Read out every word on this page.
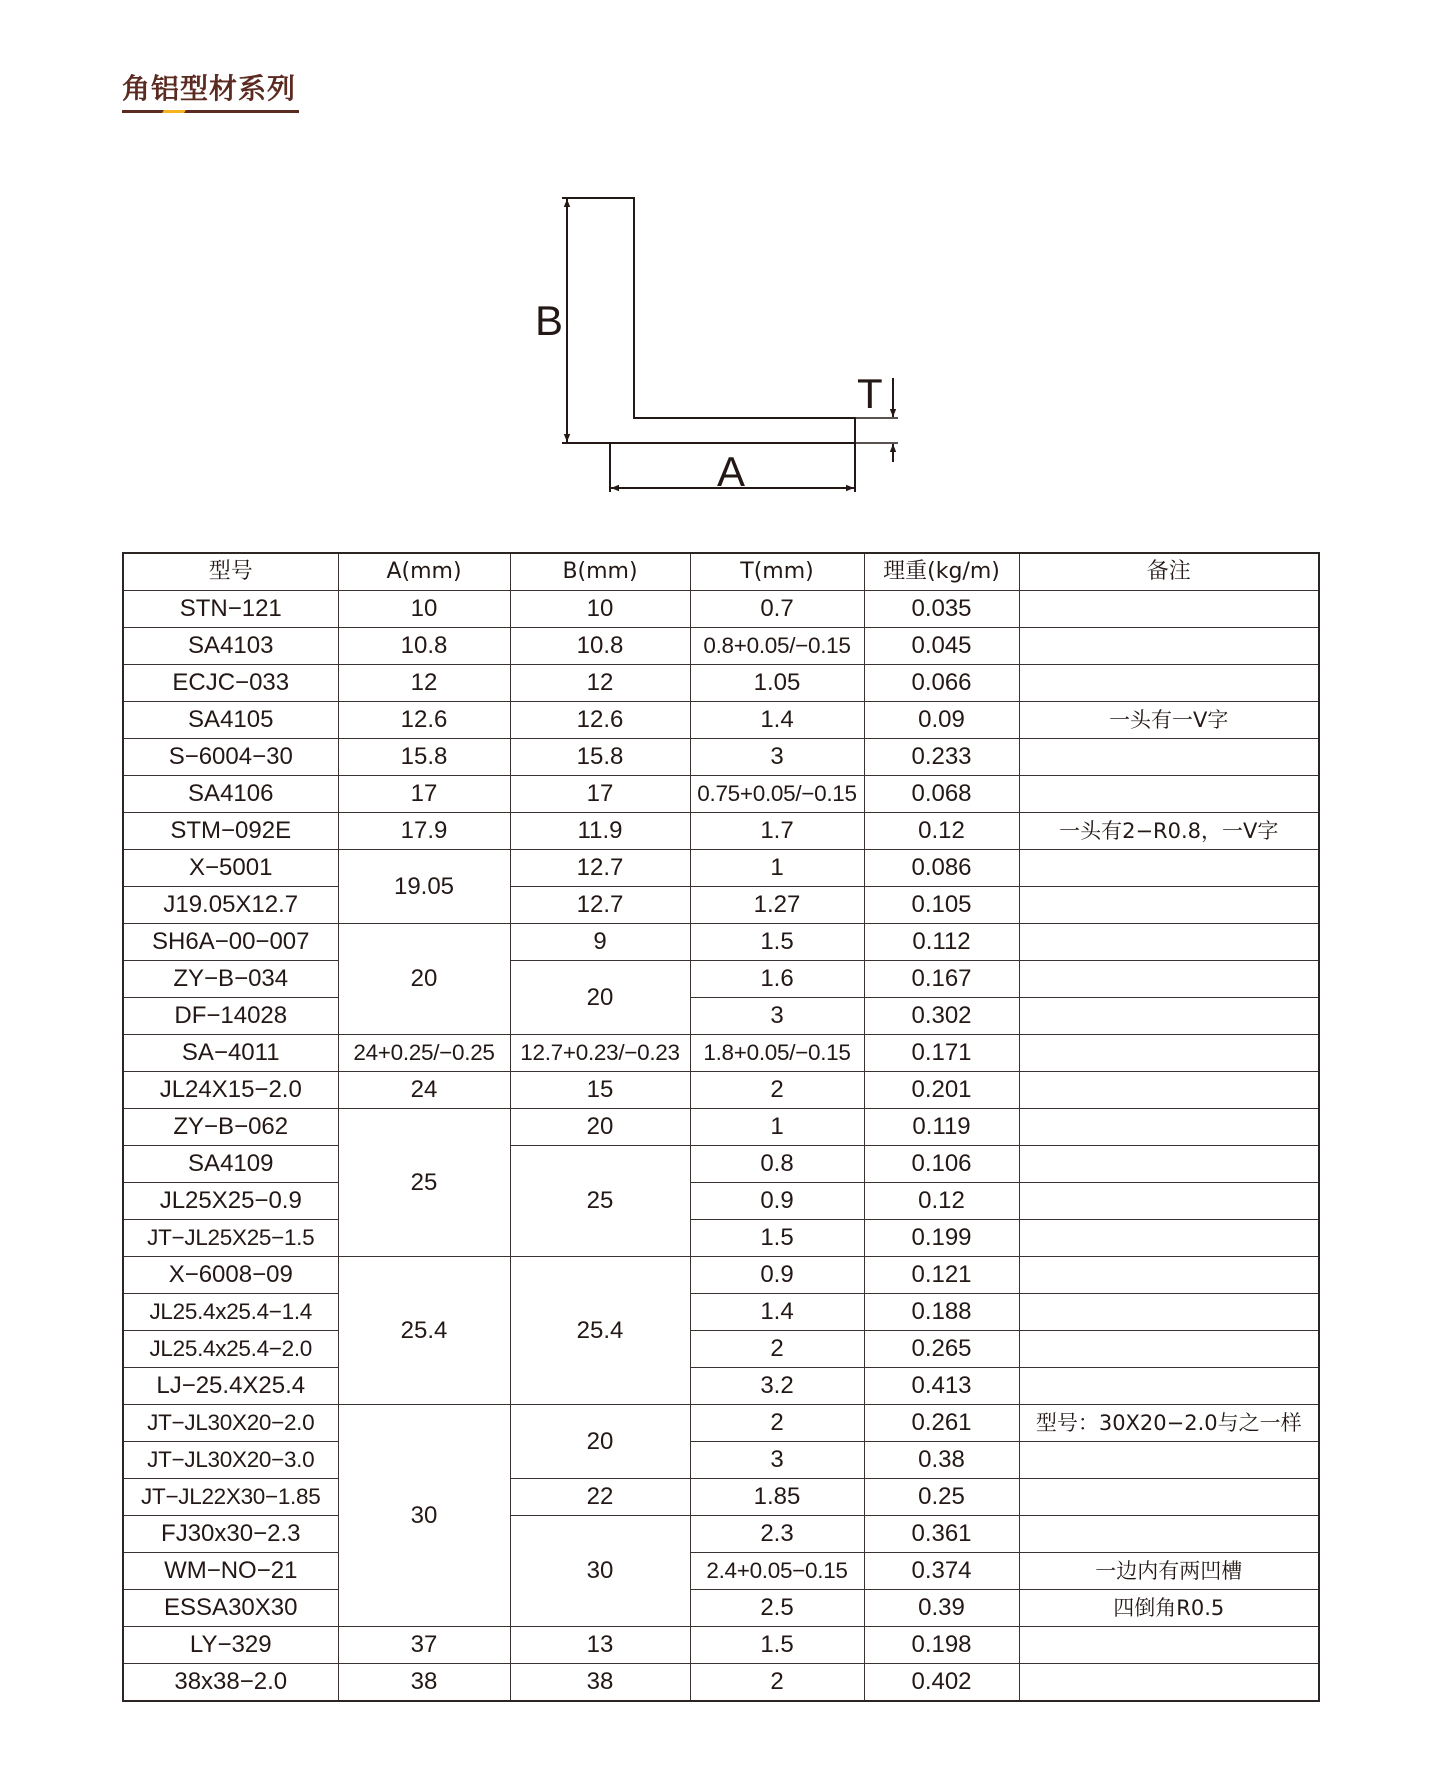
角铝型材系列
B
A
T
型号	A(mm)	B(mm)	T(mm)	理重(kg/m)	备注
STN−121	10	10	0.7	0.035	
SA4103	10.8	10.8	0.8+0.05/−0.15	0.045	
ECJC−033	12	12	1.05	0.066	
SA4105	12.6	12.6	1.4	0.09	一头有一V字
S−6004−30	15.8	15.8	3	0.233	
SA4106	17	17	0.75+0.05/−0.15	0.068	
STM−092E	17.9	11.9	1.7	0.12	一头有2−R0.8，一V字
X−5001	19.05	12.7	1	0.086	
J19.05X12.7		12.7	1.27	0.105	
SH6A−00−007	20	9	1.5	0.112	
ZY−B−034		20	1.6	0.167	
DF−14028			3	0.302	
SA−4011	24+0.25/−0.25	12.7+0.23/−0.23	1.8+0.05/−0.15	0.171	
JL24X15−2.0	24	15	2	0.201	
ZY−B−062	25	20	1	0.119	
SA4109		25	0.8	0.106	
JL25X25−0.9			0.9	0.12	
JT−JL25X25−1.5			1.5	0.199	
X−6008−09	25.4	25.4	0.9	0.121	
JL25.4x25.4−1.4			1.4	0.188	
JL25.4x25.4−2.0			2	0.265	
LJ−25.4X25.4			3.2	0.413	
JT−JL30X20−2.0	30	20	2	0.261	型号：30X20−2.0与之一样
JT−JL30X20−3.0			3	0.38	
JT−JL22X30−1.85		22	1.85	0.25	
FJ30x30−2.3		30	2.3	0.361	
WM−NO−21			2.4+0.05−0.15	0.374	一边内有两凹槽
ESSA30X30			2.5	0.39	四倒角R0.5
LY−329	37	13	1.5	0.198	
38x38−2.0	38	38	2	0.402	
